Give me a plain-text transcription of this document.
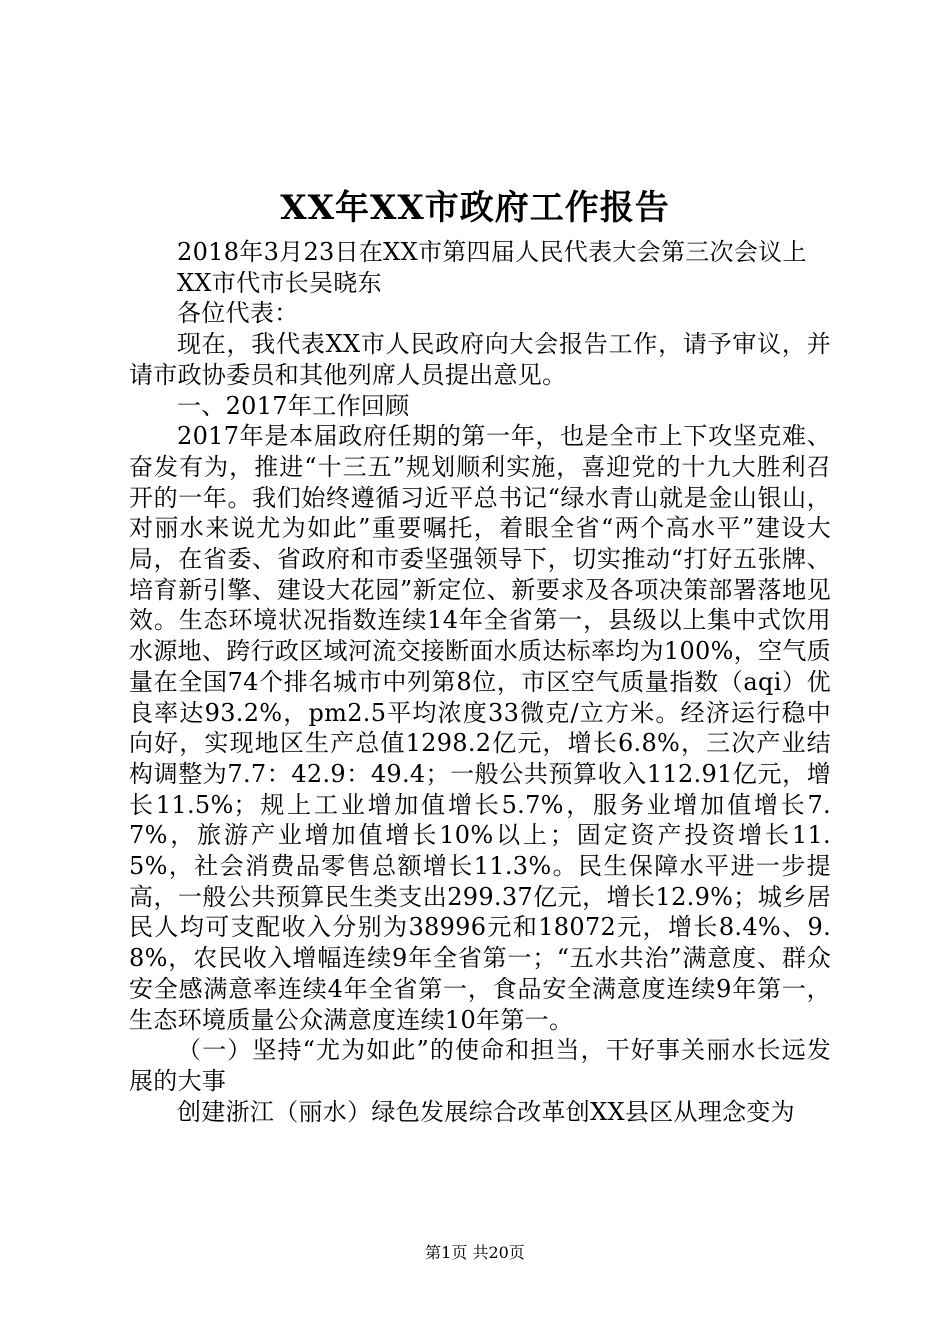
XX年XX市政府工作报告

2018年3月23日在XX市第四届人民代表大会第三次会议上

XX市代市长吴晓东

各位代表：

现在，我代表XX市人民政府向大会报告工作，请予审议，并请市政协委员和其他列席人员提出意见。

一、2017年工作回顾

2017年是本届政府任期的第一年，也是全市上下攻坚克难、奋发有为，推进“十三五”规划顺利实施，喜迎党的十九大胜利召开的一年。我们始终遵循习近平总书记“绿水青山就是金山银山，对丽水来说尤为如此”重要嘱托，着眼全省“两个高水平”建设大局，在省委、省政府和市委坚强领导下，切实推动“打好五张牌、培育新引擎、建设大花园”新定位、新要求及各项决策部署落地见效。生态环境状况指数连续14年全省第一，县级以上集中式饮用水源地、跨行政区域河流交接断面水质达标率均为100%，空气质量在全国74个排名城市中列第8位，市区空气质量指数（aqi）优良率达93.2%，pm2.5平均浓度33微克/立方米。经济运行稳中向好，实现地区生产总值1298.2亿元，增长6.8%，三次产业结构调整为7.7：42.9：49.4；一般公共预算收入112.91亿元，增长11.5%；规上工业增加值增长5.7%，服务业增加值增长7.7%，旅游产业增加值增长10%以上；固定资产投资增长11.5%，社会消费品零售总额增长11.3%。民生保障水平进一步提高，一般公共预算民生类支出299.37亿元，增长12.9%；城乡居民人均可支配收入分别为38996元和18072元，增长8.4%、9.8%，农民收入增幅连续9年全省第一；“五水共治”满意度、群众安全感满意率连续4年全省第一，食品安全满意度连续9年第一，生态环境质量公众满意度连续10年第一。

（一）坚持“尤为如此”的使命和担当，干好事关丽水长远发展的大事

创建浙江（丽水）绿色发展综合改革创XX县区从理念变为

第1页 共20页
